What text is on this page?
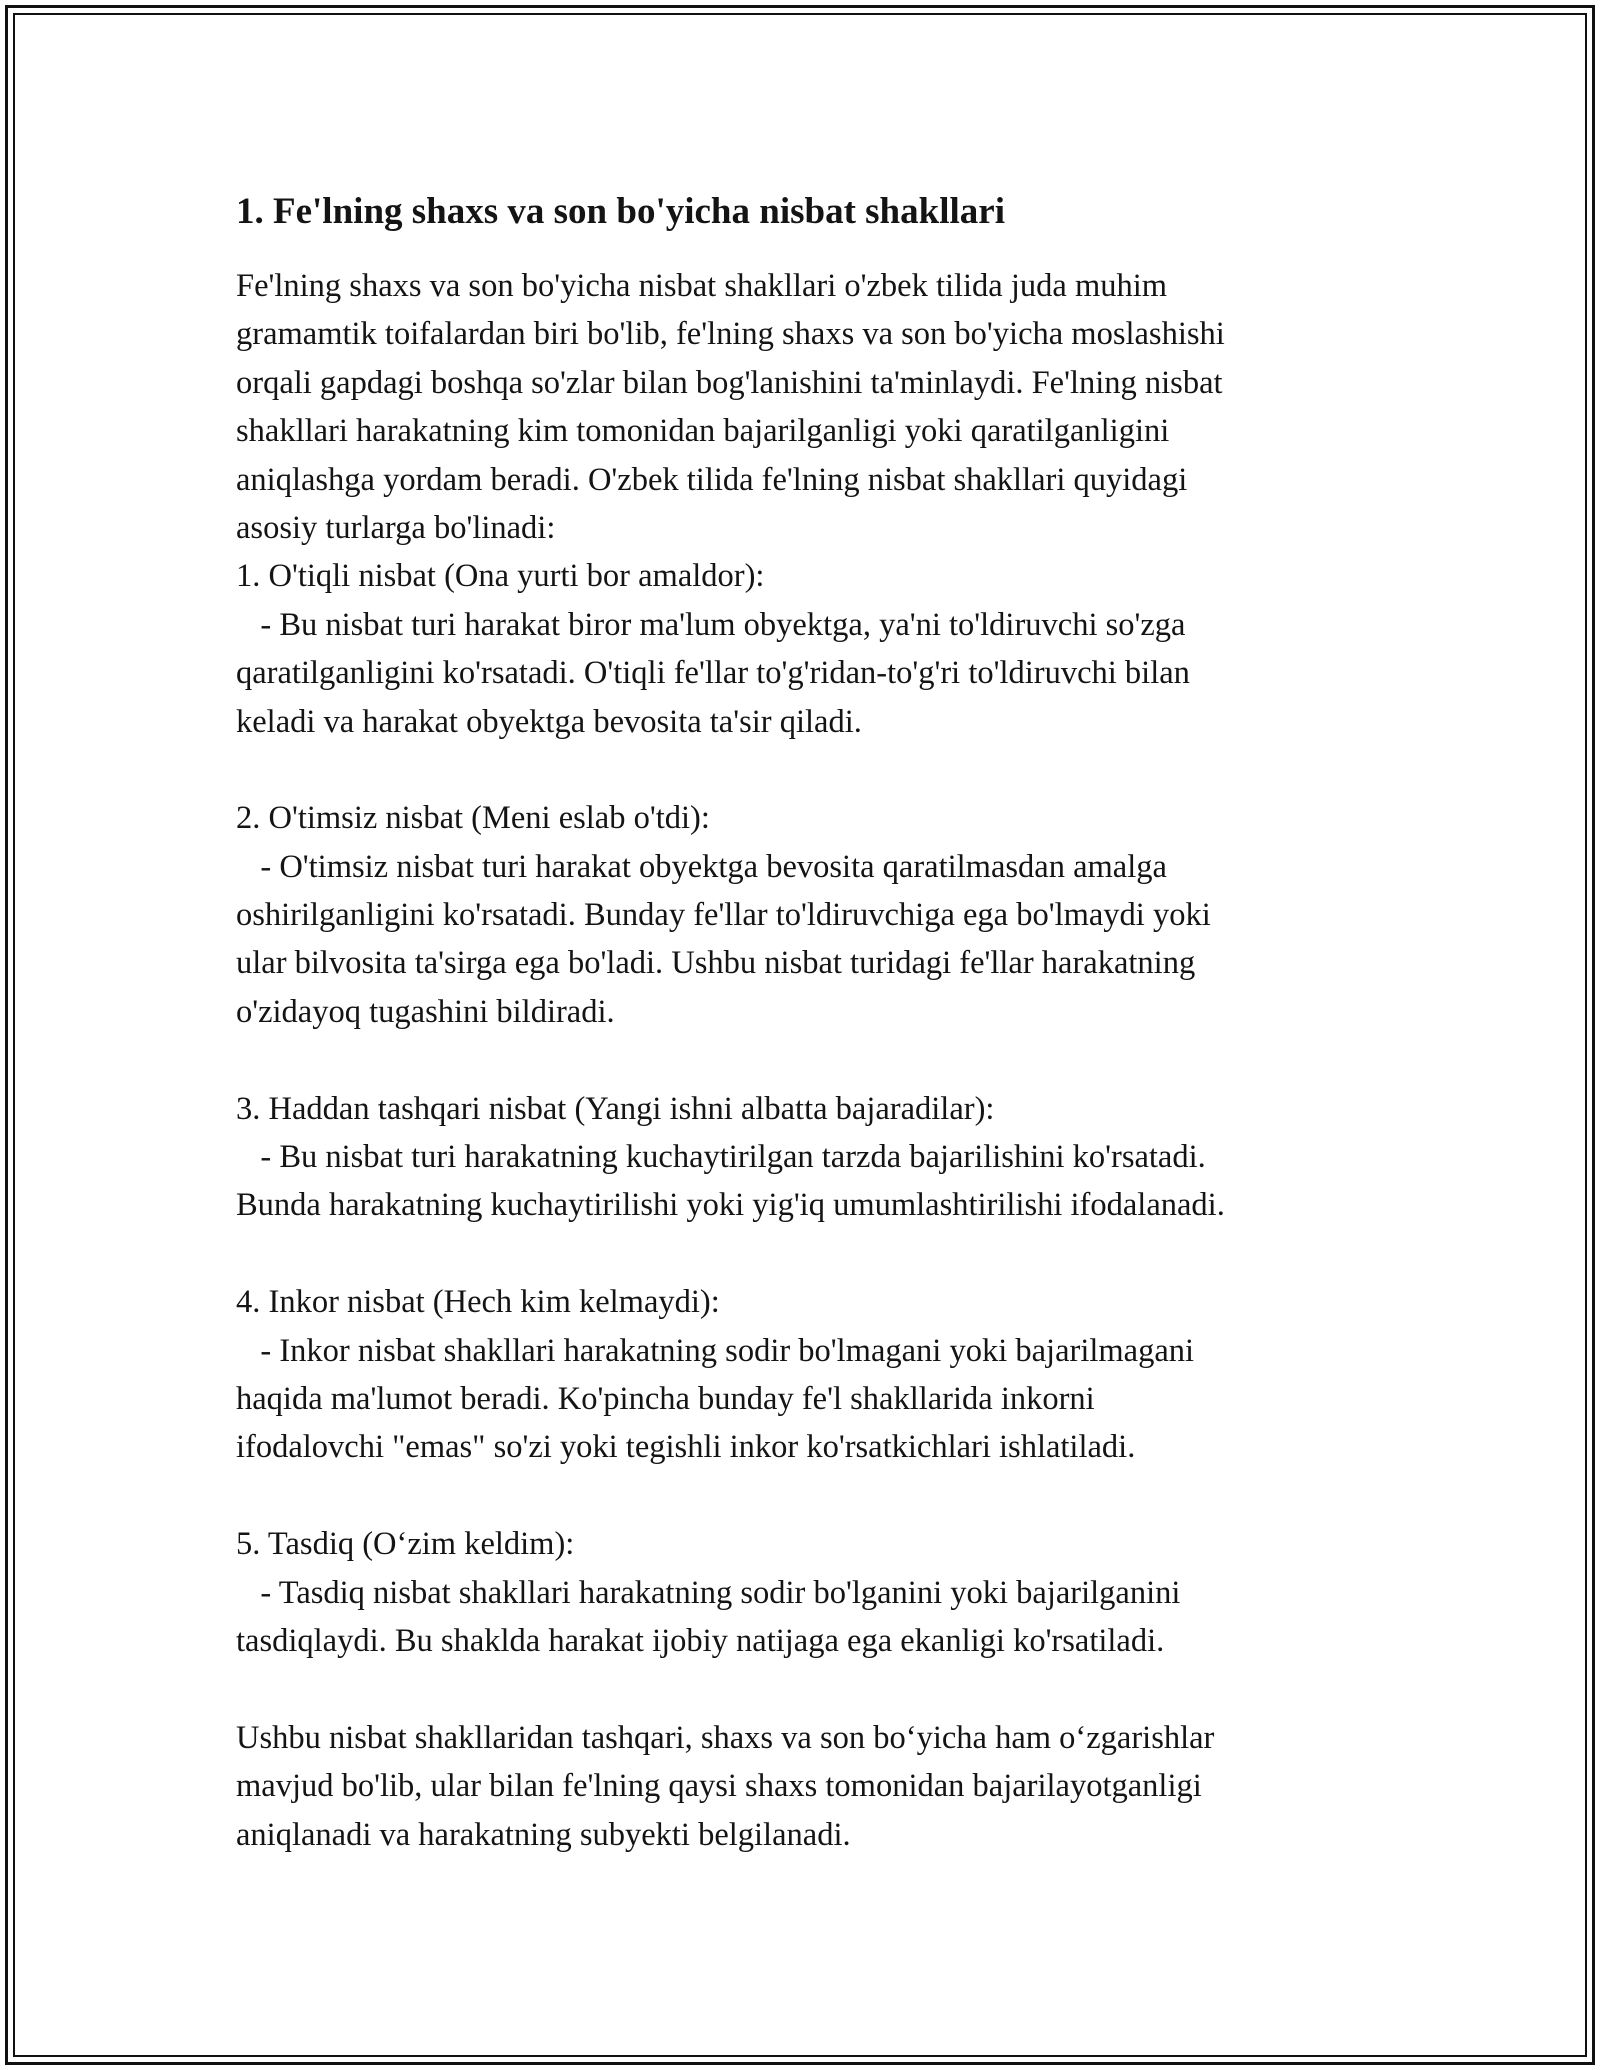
1. Fe'lning shaxs va son bo'yicha nisbat shakllari

Fe'lning shaxs va son bo'yicha nisbat shakllari o'zbek tilida juda muhim

gramamtik toifalardan biri bo'lib, fe'lning shaxs va son bo'yicha moslashishi

orqali gapdagi boshqa so'zlar bilan bog'lanishini ta'minlaydi. Fe'lning nisbat

shakllari harakatning kim tomonidan bajarilganligi yoki qaratilganligini

aniqlashga yordam beradi. O'zbek tilida fe'lning nisbat shakllari quyidagi

asosiy turlarga bo'linadi:

1. O'tiqli nisbat (Ona yurti bor amaldor):

- Bu nisbat turi harakat biror ma'lum obyektga, ya'ni to'ldiruvchi so'zga

qaratilganligini ko'rsatadi. O'tiqli fe'llar to'g'ridan-to'g'ri to'ldiruvchi bilan

keladi va harakat obyektga bevosita ta'sir qiladi.

2. O'timsiz nisbat (Meni eslab o'tdi):

- O'timsiz nisbat turi harakat obyektga bevosita qaratilmasdan amalga

oshirilganligini ko'rsatadi. Bunday fe'llar to'ldiruvchiga ega bo'lmaydi yoki

ular bilvosita ta'sirga ega bo'ladi. Ushbu nisbat turidagi fe'llar harakatning

o'zidayoq tugashini bildiradi.

3. Haddan tashqari nisbat (Yangi ishni albatta bajaradilar):

- Bu nisbat turi harakatning kuchaytirilgan tarzda bajarilishini ko'rsatadi.

Bunda harakatning kuchaytirilishi yoki yig'iq umumlashtirilishi ifodalanadi.

4. Inkor nisbat (Hech kim kelmaydi):

- Inkor nisbat shakllari harakatning sodir bo'lmagani yoki bajarilmagani

haqida ma'lumot beradi. Ko'pincha bunday fe'l shakllarida inkorni

ifodalovchi "emas" so'zi yoki tegishli inkor ko'rsatkichlari ishlatiladi.

5. Tasdiq (O‘zim keldim):

- Tasdiq nisbat shakllari harakatning sodir bo'lganini yoki bajarilganini

tasdiqlaydi. Bu shaklda harakat ijobiy natijaga ega ekanligi ko'rsatiladi.

Ushbu nisbat shakllaridan tashqari, shaxs va son bo‘yicha ham o‘zgarishlar

mavjud bo'lib, ular bilan fe'lning qaysi shaxs tomonidan bajarilayotganligi

aniqlanadi va harakatning subyekti belgilanadi.
